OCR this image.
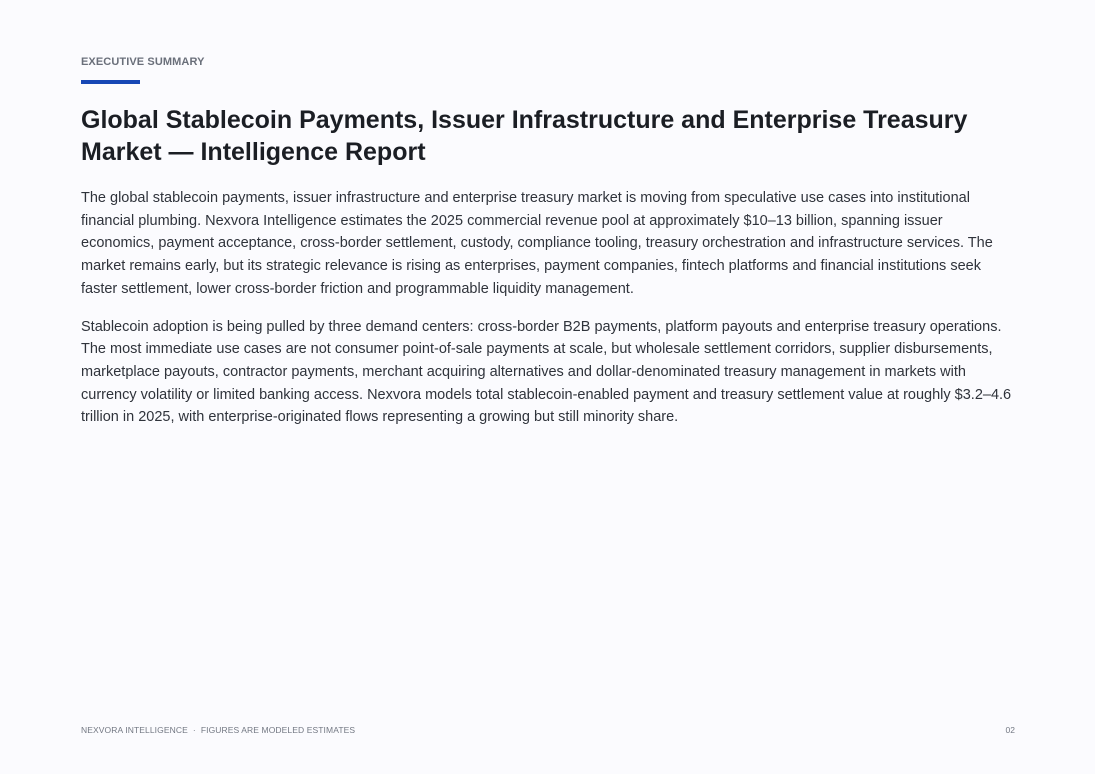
EXECUTIVE SUMMARY
Global Stablecoin Payments, Issuer Infrastructure and Enterprise Treasury Market — Intelligence Report

The global stablecoin payments, issuer infrastructure and enterprise treasury market is moving from speculative use cases into institutional financial plumbing. Nexvora Intelligence estimates the 2025 commercial revenue pool at approximately $10–13 billion, spanning issuer economics, payment acceptance, cross-border settlement, custody, compliance tooling, treasury orchestration and infrastructure services. The market remains early, but its strategic relevance is rising as enterprises, payment companies, fintech platforms and financial institutions seek faster settlement, lower cross-border friction and programmable liquidity management.

Stablecoin adoption is being pulled by three demand centers: cross-border B2B payments, platform payouts and enterprise treasury operations. The most immediate use cases are not consumer point-of-sale payments at scale, but wholesale settlement corridors, supplier disbursements, marketplace payouts, contractor payments, merchant acquiring alternatives and dollar-denominated treasury management in markets with currency volatility or limited banking access. Nexvora models total stablecoin-enabled payment and treasury settlement value at roughly $3.2–4.6 trillion in 2025, with enterprise-originated flows representing a growing but still minority share.

NEXVORA INTELLIGENCE · FIGURES ARE MODELED ESTIMATES	02
